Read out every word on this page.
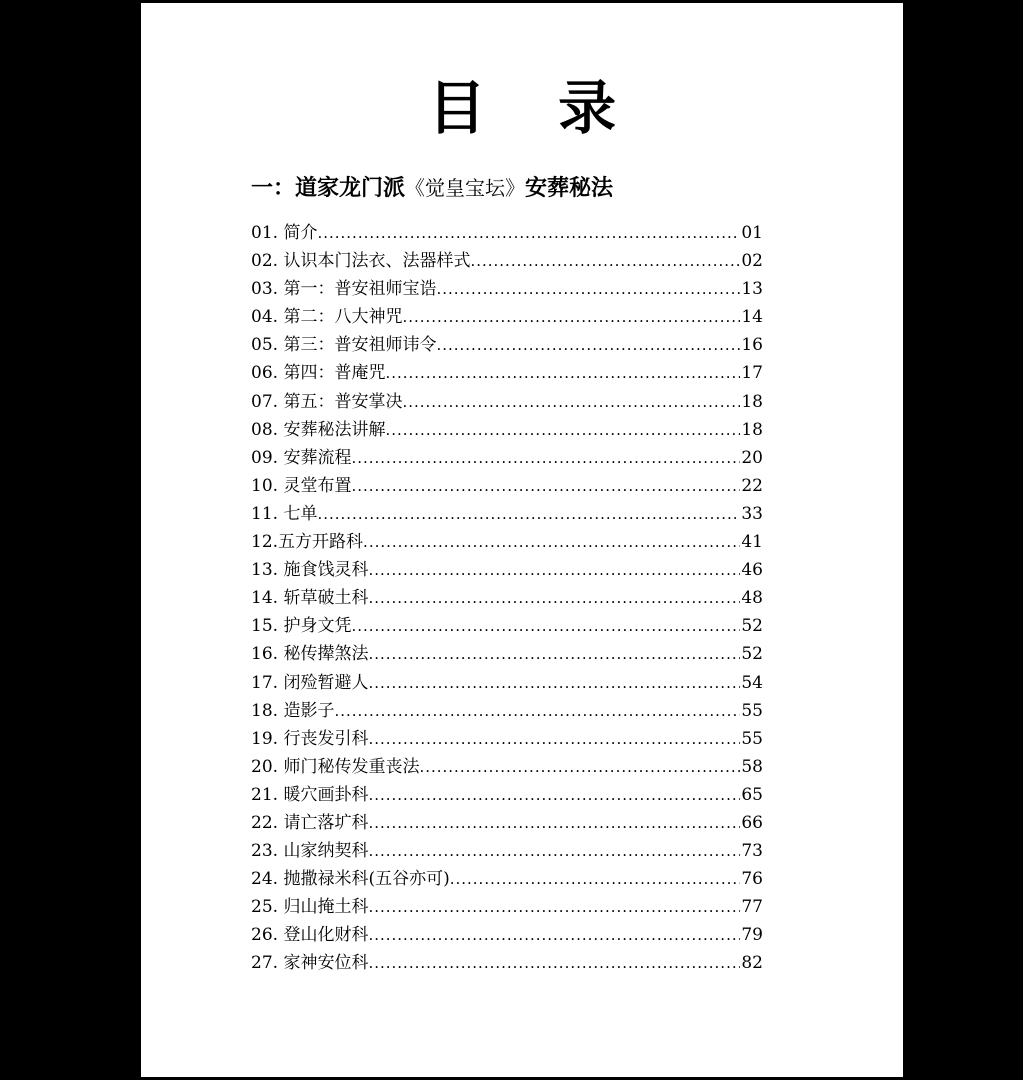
目 录
一：道家龙门派《觉皇宝坛》安葬秘法
01. 简介 .....	01
02. 认识本门法衣、法器样式 .....	02
03. 第一：普安祖师宝诰 .....	13
04. 第二：八大神咒 .....	14
05. 第三：普安祖师讳令 .....	16
06. 第四：普庵咒 .....	17
07. 第五：普安掌决 .....	18
08. 安葬秘法讲解 .....	18
09. 安葬流程 .....	20
10. 灵堂布置 .....	22
11. 七单 .....	33
12.五方开路科 .....	41
13. 施食饯灵科 .....	46
14. 斩草破土科 .....	48
15. 护身文凭 .....	52
16. 秘传撵煞法 .....	52
17. 闭殓暂避人 .....	54
18. 造影子 .....	55
19. 行丧发引科 .....	55
20. 师门秘传发重丧法 .....	58
21. 暖穴画卦科 .....	65
22. 请亡落圹科 .....	66
23. 山家纳契科 .....	73
24. 抛撒禄米科(五谷亦可) .....	76
25. 归山掩土科 .....	77
26. 登山化财科 .....	79
27. 家神安位科 .....	82
